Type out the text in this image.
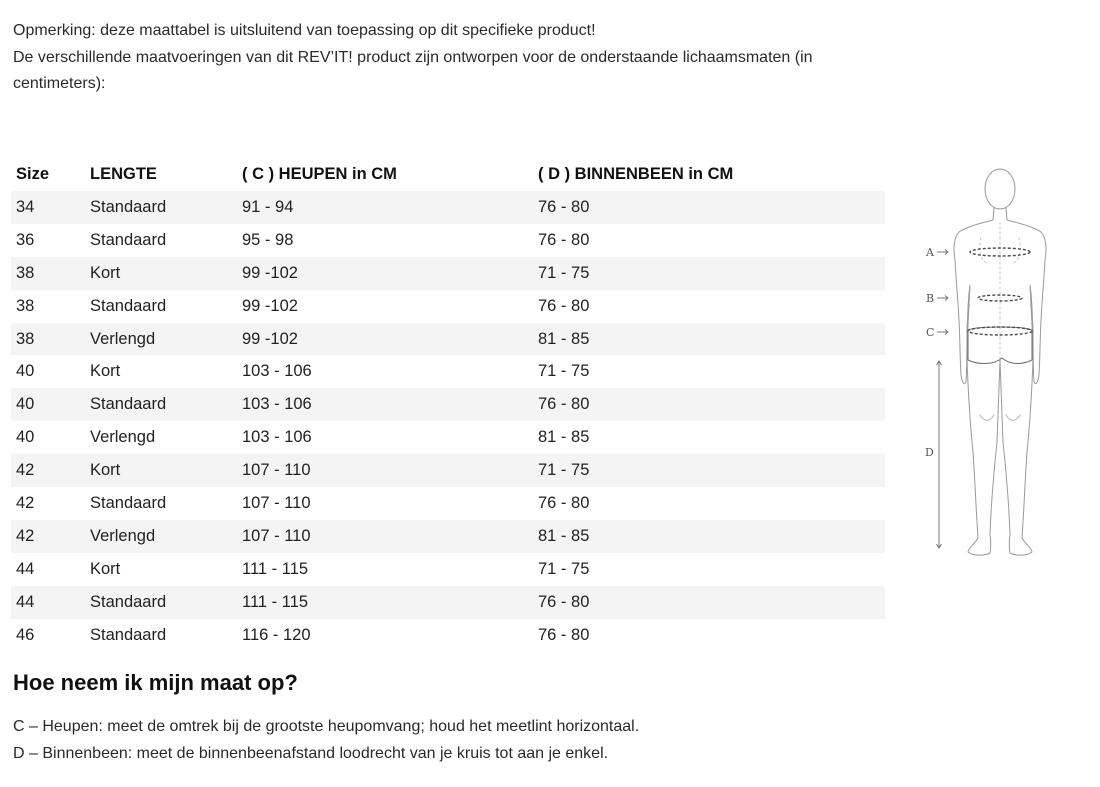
Opmerking: deze maattabel is uitsluitend van toepassing op dit specifieke product!

De verschillende maatvoeringen van dit REV’IT! product zijn ontworpen voor de onderstaande lichaamsmaten (in centimeters):

Size	LENGTE	( C ) HEUPEN in CM	( D ) BINNENBEEN in CM
34	Standaard	91 - 94	76 - 80
36	Standaard	95 - 98	76 - 80
38	Kort	99 -102	71 - 75
38	Standaard	99 -102	76 - 80
38	Verlengd	99 -102	81 - 85
40	Kort	103 - 106	71 - 75
40	Standaard	103 - 106	76 - 80
40	Verlengd	103 - 106	81 - 85
42	Kort	107 - 110	71 - 75
42	Standaard	107 - 110	76 - 80
42	Verlengd	107 - 110	81 - 85
44	Kort	111 - 115	71 - 75
44	Standaard	111 - 115	76 - 80
46	Standaard	116 - 120	76 - 80
A
B
C
D
Hoe neem ik mijn maat op?

C – Heupen: meet de omtrek bij de grootste heupomvang; houd het meetlint horizontaal.

D – Binnenbeen: meet de binnenbeenafstand loodrecht van je kruis tot aan je enkel.
